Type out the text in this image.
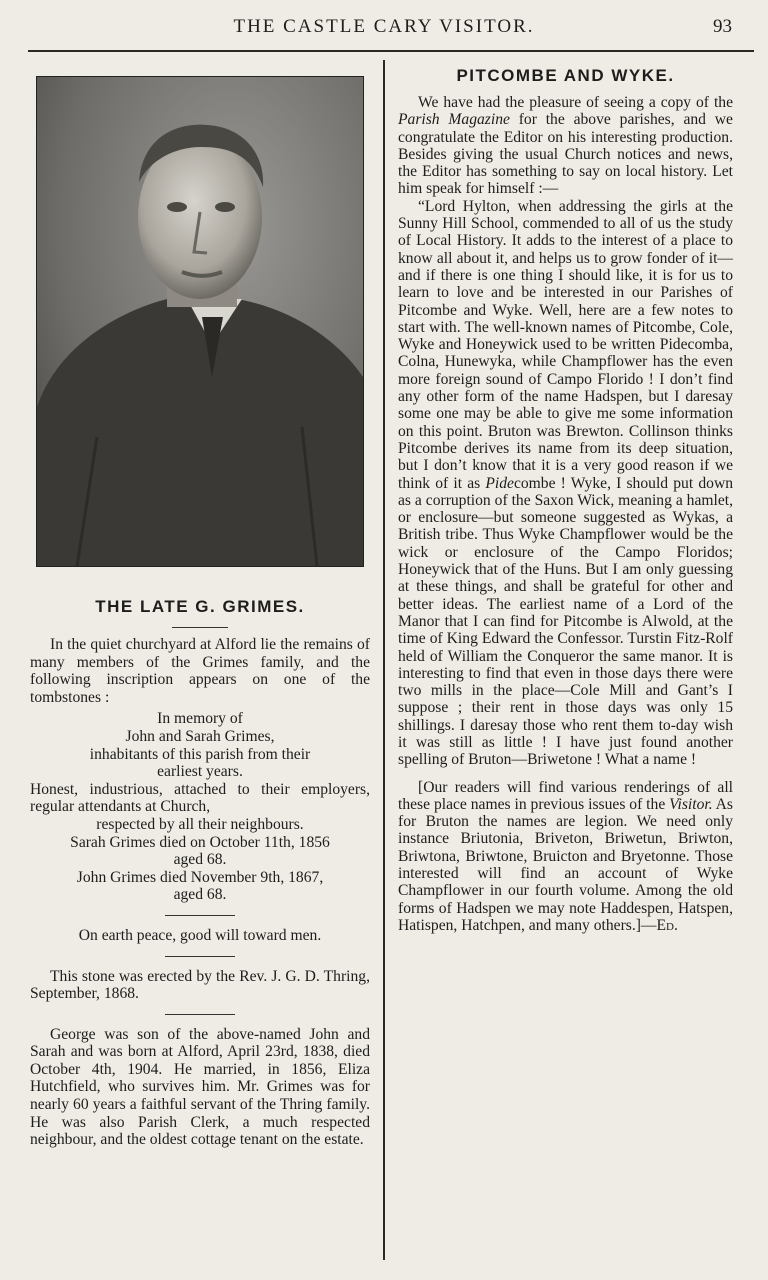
THE CASTLE CARY VISITOR.	93
THE LATE G. GRIMES.

In the quiet churchyard at Alford lie the remains of many members of the Grimes family, and the following inscription appears on one of the tombstones :

In memory of
John and Sarah Grimes,
inhabitants of this parish from their
earliest years.
Honest, industrious, attached to their employers, regular attendants at Church,
respected by all their neighbours.
Sarah Grimes died on October 11th, 1856
aged 68.
John Grimes died November 9th, 1867,
aged 68.

On earth peace, good will toward men.

This stone was erected by the Rev. J. G. D. Thring, September, 1868.

George was son of the above-named John and Sarah and was born at Alford, April 23rd, 1838, died October 4th, 1904. He married, in 1856, Eliza Hutchfield, who survives him. Mr. Grimes was for nearly 60 years a faithful servant of the Thring family. He was also Parish Clerk, a much respected neighbour, and the oldest cottage tenant on the estate.

PITCOMBE AND WYKE.

We have had the pleasure of seeing a copy of the Parish Magazine for the above parishes, and we congratulate the Editor on his interesting production. Besides giving the usual Church notices and news, the Editor has something to say on local history. Let him speak for himself :—

“Lord Hylton, when addressing the girls at the Sunny Hill School, commended to all of us the study of Local History. It adds to the interest of a place to know all about it, and helps us to grow fonder of it—and if there is one thing I should like, it is for us to learn to love and be interested in our Parishes of Pitcombe and Wyke. Well, here are a few notes to start with. The well-known names of Pitcombe, Cole, Wyke and Honeywick used to be written Pidecomba, Colna, Hunewyka, while Champflower has the even more foreign sound of Campo Florido ! I don’t find any other form of the name Hadspen, but I daresay some one may be able to give me some information on this point. Bruton was Brewton. Collinson thinks Pitcombe derives its name from its deep situation, but I don’t know that it is a very good reason if we think of it as Pidecombe ! Wyke, I should put down as a corruption of the Saxon Wick, meaning a hamlet, or enclosure—but someone suggested as Wykas, a British tribe. Thus Wyke Champflower would be the wick or enclosure of the Campo Floridos; Honeywick that of the Huns. But I am only guessing at these things, and shall be grateful for other and better ideas. The earliest name of a Lord of the Manor that I can find for Pitcombe is Alwold, at the time of King Edward the Confessor. Turstin Fitz-Rolf held of William the Conqueror the same manor. It is interesting to find that even in those days there were two mills in the place—Cole Mill and Gant’s I suppose ; their rent in those days was only 15 shillings. I daresay those who rent them to-day wish it was still as little ! I have just found another spelling of Bruton—Briwetone ! What a name !

[Our readers will find various renderings of all these place names in previous issues of the Visitor. As for Bruton the names are legion. We need only instance Briutonia, Briveton, Briwetun, Briwton, Briwtona, Briwtone, Bruicton and Bryetonne. Those interested will find an account of Wyke Champflower in our fourth volume. Among the old forms of Hadspen we may note Haddespen, Hatspen, Hatispen, Hatchpen, and many others.]—Ed.
